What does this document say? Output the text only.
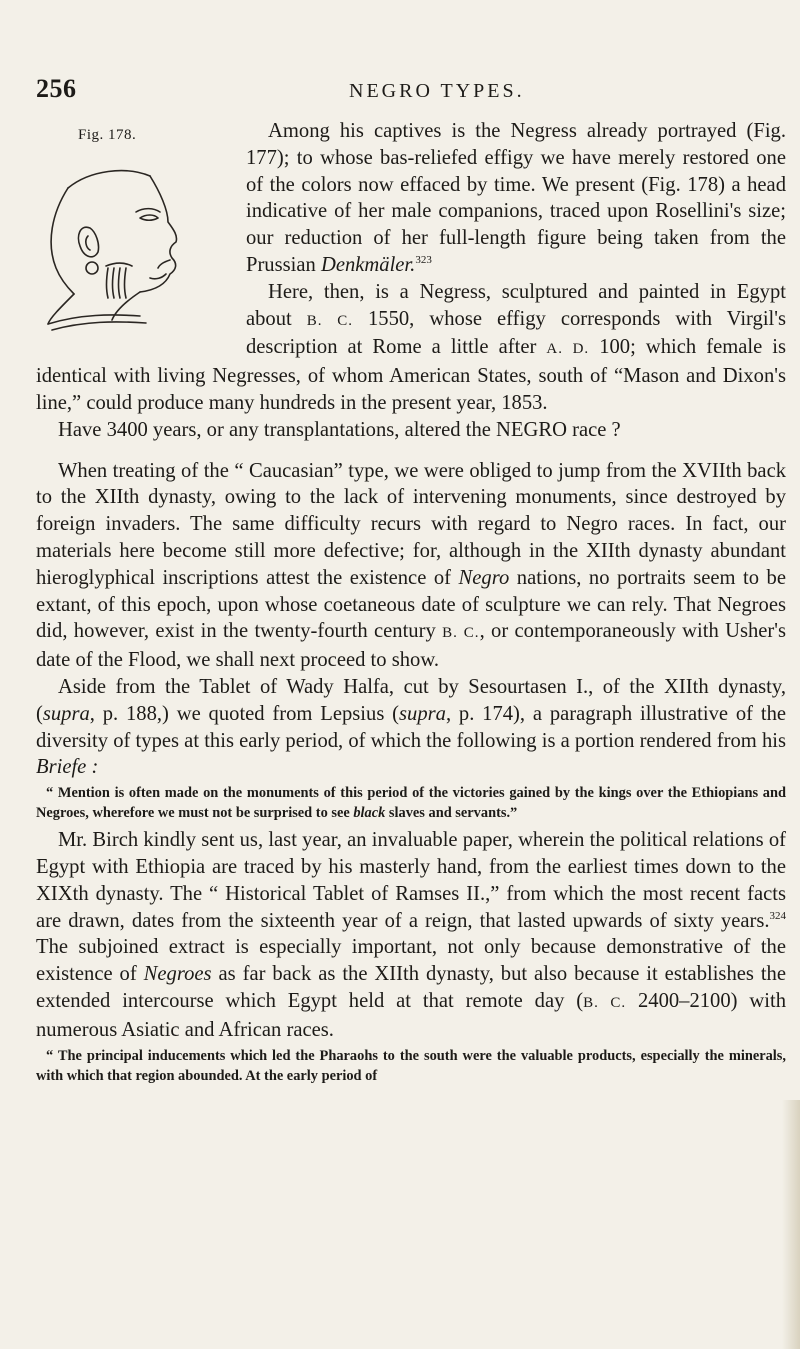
256	NEGRO TYPES.

Fig. 178.	Among his captives is the Negress already portrayed (Fig. 177); to whose bas-reliefed effigy we have merely restored one of the colors now effaced by time. We present (Fig. 178) a head indicative of her male companions, traced upon Rosellini's size; our reduction of her full-length figure being taken from the Prussian Denkmäler.$^{323}$

Here, then, is a Negress, sculptured and painted in Egypt about B. C. 1550, whose effigy corresponds with Virgil's description at Rome a little after A. D. 100; which female is identical with living Negresses, of whom American States, south of “Mason and Dixon's line,” could produce many hundreds in the present year, 1853.

Have 3400 years, or any transplantations, altered the NEGRO race ?

When treating of the “ Caucasian” type, we were obliged to jump from the XVIIth back to the XIIth dynasty, owing to the lack of intervening monuments, since destroyed by foreign invaders. The same difficulty recurs with regard to Negro races. In fact, our materials here become still more defective; for, although in the XIIth dynasty abundant hieroglyphical inscriptions attest the existence of Negro nations, no portraits seem to be extant, of this epoch, upon whose coetaneous date of sculpture we can rely. That Negroes did, however, exist in the twenty-fourth century B. C., or contemporaneously with Usher's date of the Flood, we shall next proceed to show.

Aside from the Tablet of Wady Halfa, cut by Sesourtasen I., of the XIIth dynasty, (supra, p. 188,) we quoted from Lepsius (supra, p. 174), a paragraph illustrative of the diversity of types at this early period, of which the following is a portion rendered from his Briefe :

“ Mention is often made on the monuments of this period of the victories gained by the kings over the Ethiopians and Negroes, wherefore we must not be surprised to see black slaves and servants.”

Mr. Birch kindly sent us, last year, an invaluable paper, wherein the political relations of Egypt with Ethiopia are traced by his masterly hand, from the earliest times down to the XIXth dynasty. The “ Historical Tablet of Ramses II.,” from which the most recent facts are drawn, dates from the sixteenth year of a reign, that lasted upwards of sixty years.$^{324}$ The subjoined extract is especially important, not only because demonstrative of the existence of Negroes as far back as the XIIth dynasty, but also because it establishes the extended intercourse which Egypt held at that remote day (B. C. 2400–2100) with numerous Asiatic and African races.

“ The principal inducements which led the Pharaohs to the south were the valuable products, especially the minerals, with which that region abounded. At the early period of
